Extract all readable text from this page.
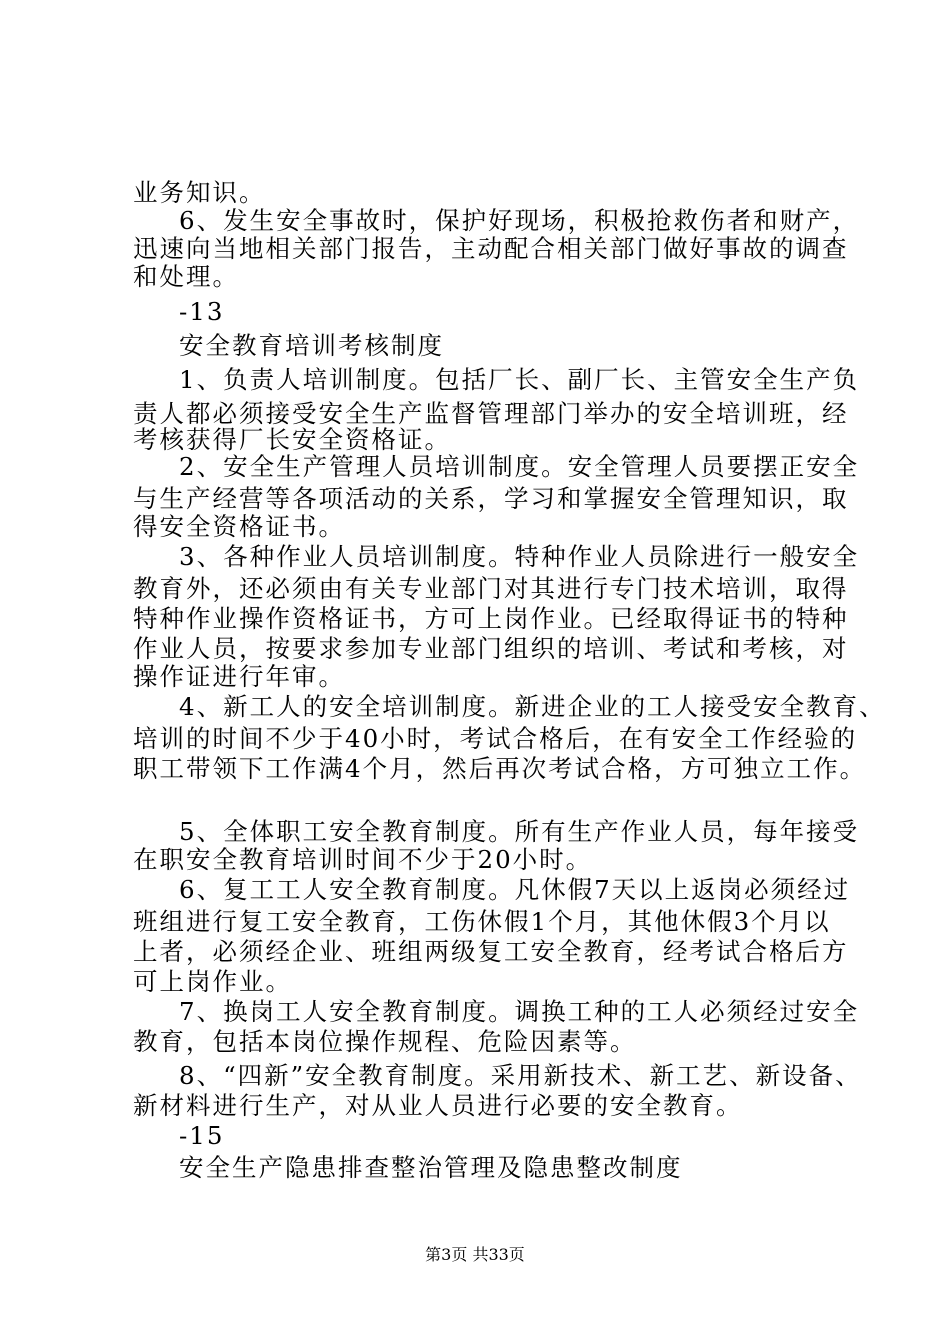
业务知识。
6、发生安全事故时，保护好现场，积极抢救伤者和财产，
迅速向当地相关部门报告，主动配合相关部门做好事故的调查
和处理。
-13
安全教育培训考核制度
1、负责人培训制度。包括厂长、副厂长、主管安全生产负
责人都必须接受安全生产监督管理部门举办的安全培训班，经
考核获得厂长安全资格证。
2、安全生产管理人员培训制度。安全管理人员要摆正安全
与生产经营等各项活动的关系，学习和掌握安全管理知识，取
得安全资格证书。
3、各种作业人员培训制度。特种作业人员除进行一般安全
教育外，还必须由有关专业部门对其进行专门技术培训，取得
特种作业操作资格证书，方可上岗作业。已经取得证书的特种
作业人员，按要求参加专业部门组织的培训、考试和考核，对
操作证进行年审。
4、新工人的安全培训制度。新进企业的工人接受安全教育、
培训的时间不少于40小时，考试合格后，在有安全工作经验的
职工带领下工作满4个月，然后再次考试合格，方可独立工作。
5、全体职工安全教育制度。所有生产作业人员，每年接受
在职安全教育培训时间不少于20小时。
6、复工工人安全教育制度。凡休假7天以上返岗必须经过
班组进行复工安全教育，工伤休假1个月，其他休假3个月以
上者，必须经企业、班组两级复工安全教育，经考试合格后方
可上岗作业。
7、换岗工人安全教育制度。调换工种的工人必须经过安全
教育，包括本岗位操作规程、危险因素等。
8、“四新”安全教育制度。采用新技术、新工艺、新设备、
新材料进行生产，对从业人员进行必要的安全教育。
-15
安全生产隐患排查整治管理及隐患整改制度
第3页 共33页
